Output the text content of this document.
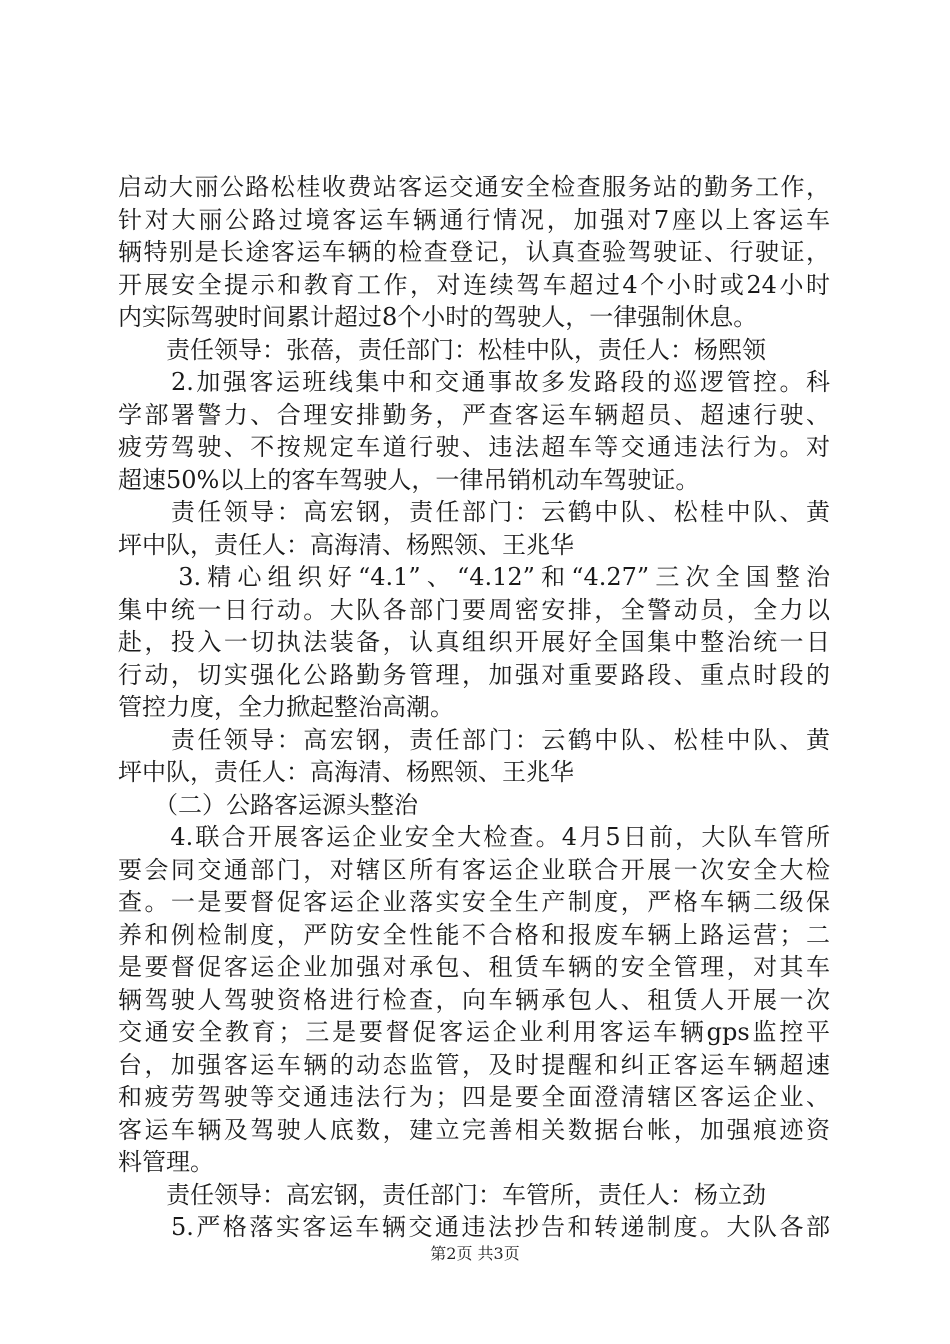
启动大丽公路松桂收费站客运交通安全检查服务站的勤务工作，
针对大丽公路过境客运车辆通行情况，加强对7座以上客运车
辆特别是长途客运车辆的检查登记，认真查验驾驶证、行驶证，
开展安全提示和教育工作，对连续驾车超过4个小时或24小时
内实际驾驶时间累计超过8个小时的驾驶人，一律强制休息。
　　责任领导：张蓓，责任部门：松桂中队，责任人：杨熙领
　　2.加强客运班线集中和交通事故多发路段的巡逻管控。科
学部署警力、合理安排勤务，严查客运车辆超员、超速行驶、
疲劳驾驶、不按规定车道行驶、违法超车等交通违法行为。对
超速50%以上的客车驾驶人，一律吊销机动车驾驶证。
　　责任领导：高宏钢，责任部门：云鹤中队、松桂中队、黄
坪中队，责任人：高海清、杨熙领、王兆华
　　3.精心组织好“4.1”、“4.12”和“4.27”三次全国整治
集中统一日行动。大队各部门要周密安排，全警动员，全力以
赴，投入一切执法装备，认真组织开展好全国集中整治统一日
行动，切实强化公路勤务管理，加强对重要路段、重点时段的
管控力度，全力掀起整治高潮。
　　责任领导：高宏钢，责任部门：云鹤中队、松桂中队、黄
坪中队，责任人：高海清、杨熙领、王兆华
　　（二）公路客运源头整治
　　4.联合开展客运企业安全大检查。4月5日前，大队车管所
要会同交通部门，对辖区所有客运企业联合开展一次安全大检
查。一是要督促客运企业落实安全生产制度，严格车辆二级保
养和例检制度，严防安全性能不合格和报废车辆上路运营；二
是要督促客运企业加强对承包、租赁车辆的安全管理，对其车
辆驾驶人驾驶资格进行检查，向车辆承包人、租赁人开展一次
交通安全教育；三是要督促客运企业利用客运车辆gps监控平
台，加强客运车辆的动态监管，及时提醒和纠正客运车辆超速
和疲劳驾驶等交通违法行为；四是要全面澄清辖区客运企业、
客运车辆及驾驶人底数，建立完善相关数据台帐，加强痕迹资
料管理。
　　责任领导：高宏钢，责任部门：车管所，责任人：杨立劲
　　5.严格落实客运车辆交通违法抄告和转递制度。大队各部
第2页 共3页
